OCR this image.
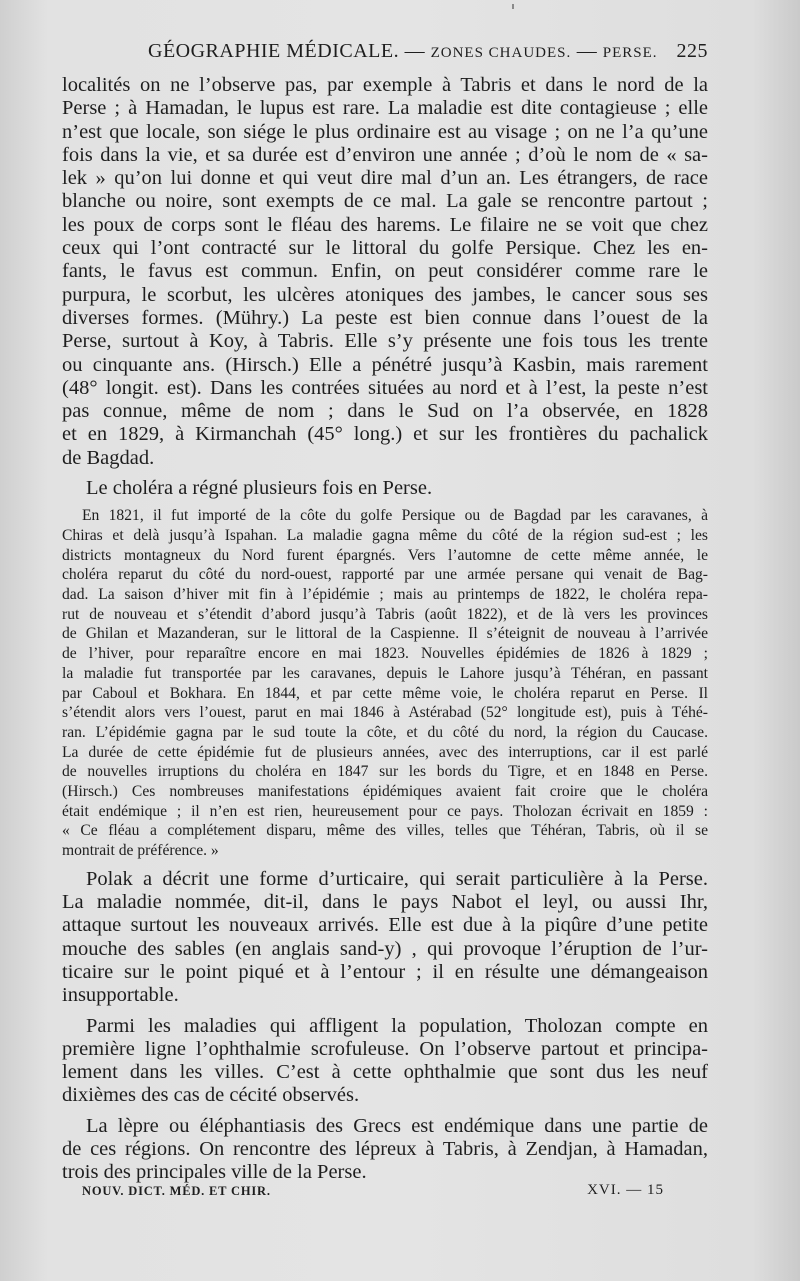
GÉOGRAPHIE MÉDICALE. — ZONES CHAUDES. — PERSE. 225
localités on ne l’observe pas, par exemple à Tabris et dans le nord de la
Perse ; à Hamadan, le lupus est rare. La maladie est dite contagieuse ; elle
n’est que locale, son siége le plus ordinaire est au visage ; on ne l’a qu’une
fois dans la vie, et sa durée est d’environ une année ; d’où le nom de « sa-
lek » qu’on lui donne et qui veut dire mal d’un an. Les étrangers, de race
blanche ou noire, sont exempts de ce mal. La gale se rencontre partout ;
les poux de corps sont le fléau des harems. Le filaire ne se voit que chez
ceux qui l’ont contracté sur le littoral du golfe Persique. Chez les en-
fants, le favus est commun. Enfin, on peut considérer comme rare le
purpura, le scorbut, les ulcères atoniques des jambes, le cancer sous ses
diverses formes. (Mühry.) La peste est bien connue dans l’ouest de la
Perse, surtout à Koy, à Tabris. Elle s’y présente une fois tous les trente
ou cinquante ans. (Hirsch.) Elle a pénétré jusqu’à Kasbin, mais rarement
(48° longit. est). Dans les contrées situées au nord et à l’est, la peste n’est
pas connue, même de nom ; dans le Sud on l’a observée, en 1828
et en 1829, à Kirmanchah (45° long.) et sur les frontières du pachalick
de Bagdad.
Le choléra a régné plusieurs fois en Perse.
En 1821, il fut importé de la côte du golfe Persique ou de Bagdad par les caravanes, à
Chiras et delà jusqu’à Ispahan. La maladie gagna même du côté de la région sud-est ; les
districts montagneux du Nord furent épargnés. Vers l’automne de cette même année, le
choléra reparut du côté du nord-ouest, rapporté par une armée persane qui venait de Bag-
dad. La saison d’hiver mit fin à l’épidémie ; mais au printemps de 1822, le choléra repa-
rut de nouveau et s’étendit d’abord jusqu’à Tabris (août 1822), et de là vers les provinces
de Ghilan et Mazanderan, sur le littoral de la Caspienne. Il s’éteignit de nouveau à l’arrivée
de l’hiver, pour reparaître encore en mai 1823. Nouvelles épidémies de 1826 à 1829 ;
la maladie fut transportée par les caravanes, depuis le Lahore jusqu’à Téhéran, en passant
par Caboul et Bokhara. En 1844, et par cette même voie, le choléra reparut en Perse. Il
s’étendit alors vers l’ouest, parut en mai 1846 à Astérabad (52° longitude est), puis à Téhé-
ran. L’épidémie gagna par le sud toute la côte, et du côté du nord, la région du Caucase.
La durée de cette épidémie fut de plusieurs années, avec des interruptions, car il est parlé
de nouvelles irruptions du choléra en 1847 sur les bords du Tigre, et en 1848 en Perse.
(Hirsch.) Ces nombreuses manifestations épidémiques avaient fait croire que le choléra
était endémique ; il n’en est rien, heureusement pour ce pays. Tholozan écrivait en 1859 :
« Ce fléau a complétement disparu, même des villes, telles que Téhéran, Tabris, où il se
montrait de préférence. »
Polak a décrit une forme d’urticaire, qui serait particulière à la Perse.
La maladie nommée, dit-il, dans le pays Nabot el leyl, ou aussi Ihr,
attaque surtout les nouveaux arrivés. Elle est due à la piqûre d’une petite
mouche des sables (en anglais sand-y) , qui provoque l’éruption de l’ur-
ticaire sur le point piqué et à l’entour ; il en résulte une démangeaison
insupportable.
Parmi les maladies qui affligent la population, Tholozan compte en
première ligne l’ophthalmie scrofuleuse. On l’observe partout et principa-
lement dans les villes. C’est à cette ophthalmie que sont dus les neuf
dixièmes des cas de cécité observés.
La lèpre ou éléphantiasis des Grecs est endémique dans une partie de
de ces régions. On rencontre des lépreux à Tabris, à Zendjan, à Hamadan,
trois des principales ville de la Perse.
NOUV. DICT. MÉD. ET CHIR.	XVI. — 15
